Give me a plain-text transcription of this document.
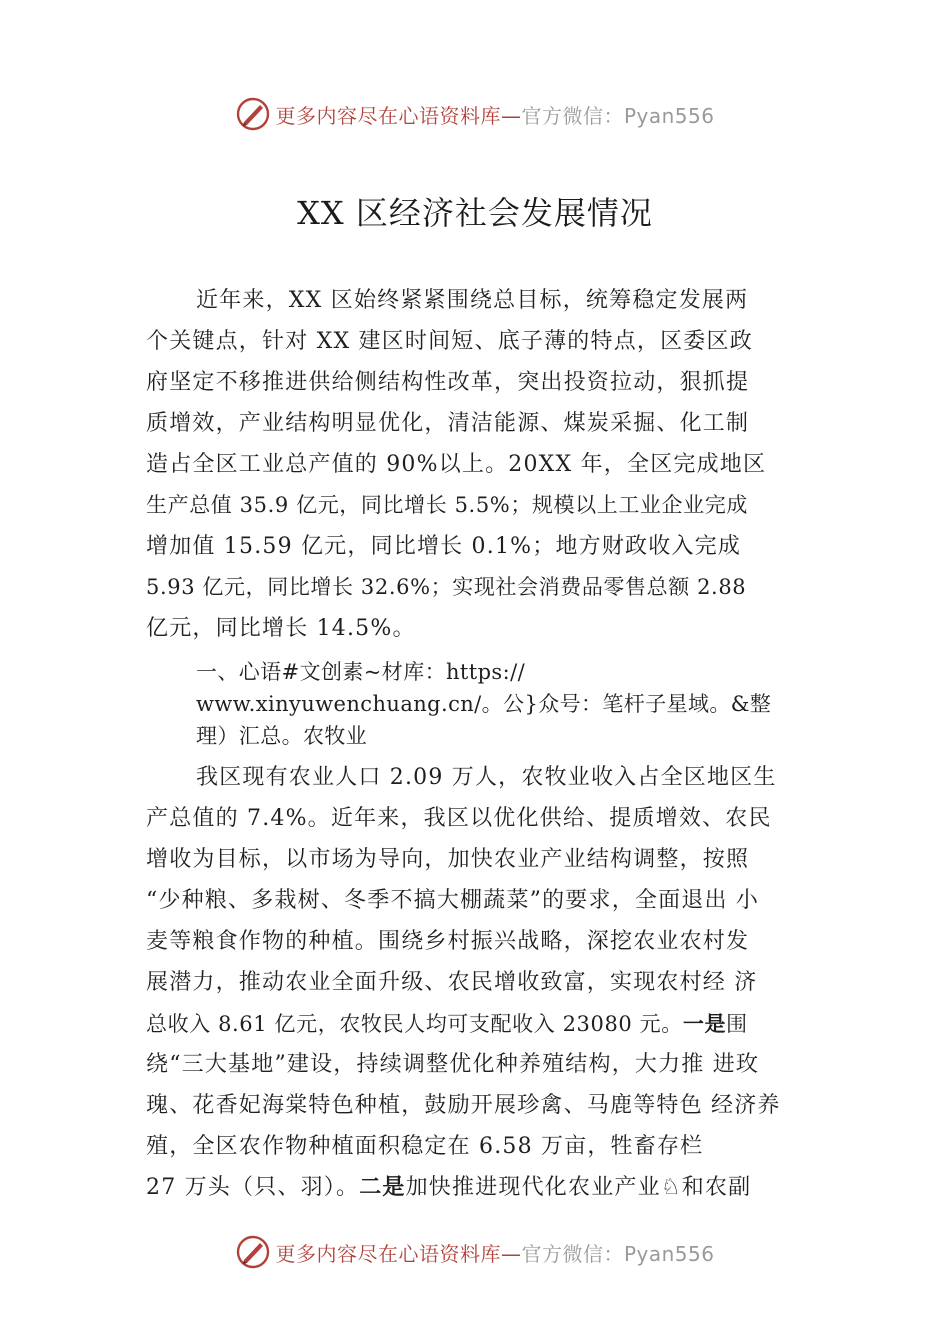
更多内容尽在心语资料库—官方微信：Pyan556
XX 区经济社会发展情况
近年来，XX 区始终紧紧围绕总目标，统筹稳定发展两
个关键点，针对 XX 建区时间短、底子薄的特点，区委区政
府坚定不移推进供给侧结构性改革，突出投资拉动，狠抓提
质增效，产业结构明显优化，清洁能源、煤炭采掘、化工制
造占全区工业总产值的 90%以上。20XX 年，全区完成地区
生产总值 35.9 亿元，同比增长 5.5%；规模以上工业企业完成
增加值 15.59 亿元，同比增长 0.1%；地方财政收入完成
5.93 亿元，同比增长 32.6%；实现社会消费品零售总额 2.88
亿元，同比增长 14.5%。
一、心语#文创素~材库：https://
www.xinyuwenchuang.cn/。公}众号：笔杆子星域。&整
理）汇总。农牧业
我区现有农业人口 2.09 万人，农牧业收入占全区地区生
产总值的 7.4%。近年来，我区以优化供给、提质增效、农民
增收为目标，以市场为导向，加快农业产业结构调整，按照
“少种粮、多栽树、冬季不搞大棚蔬菜”的要求，全面退出 小
麦等粮食作物的种植。围绕乡村振兴战略，深挖农业农村发
展潜力，推动农业全面升级、农民增收致富，实现农村经 济
总收入 8.61 亿元，农牧民人均可支配收入 23080 元。一是围
绕“三大基地”建设，持续调整优化种养殖结构，大力推 进玫
瑰、花香妃海棠特色种植，鼓励开展珍禽、马鹿等特色 经济养
殖，全区农作物种植面积稳定在 6.58 万亩，牲畜存栏
27 万头（只、羽）。二是加快推进现代化农业产业♘和农副
更多内容尽在心语资料库—官方微信：Pyan556
